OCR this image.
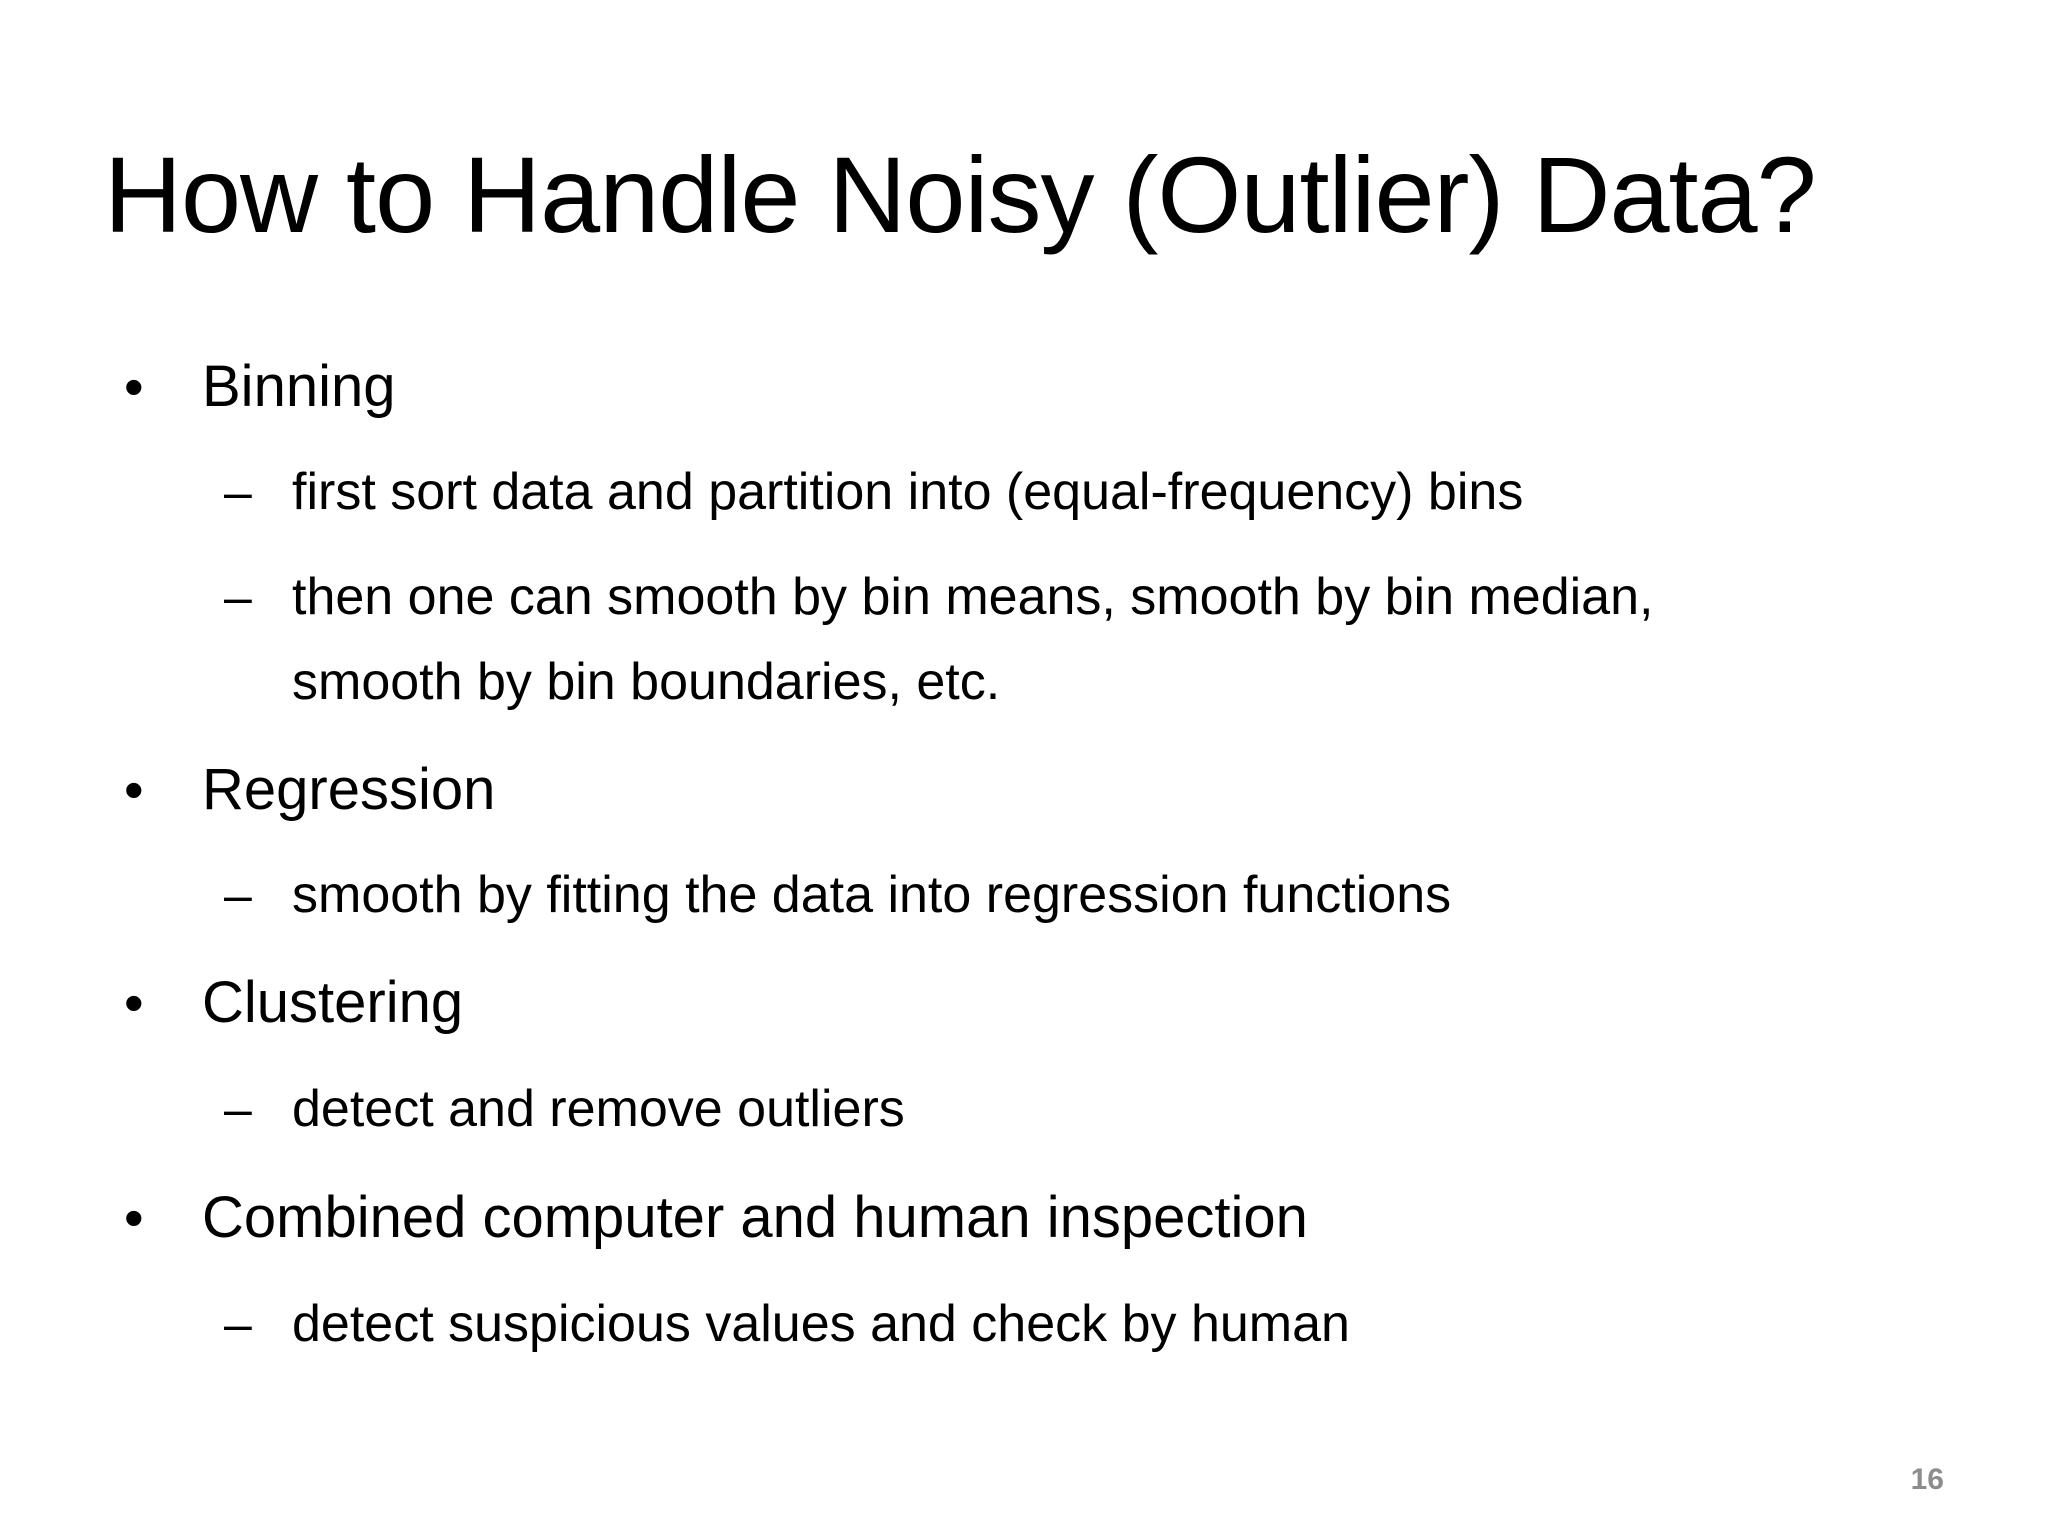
How to Handle Noisy (Outlier) Data?
• Binning
– first sort data and partition into (equal-frequency) bins
– then one can smooth by bin means, smooth by bin median,
smooth by bin boundaries, etc.
• Regression
– smooth by fitting the data into regression functions
• Clustering
– detect and remove outliers
• Combined computer and human inspection
– detect suspicious values and check by human
16
